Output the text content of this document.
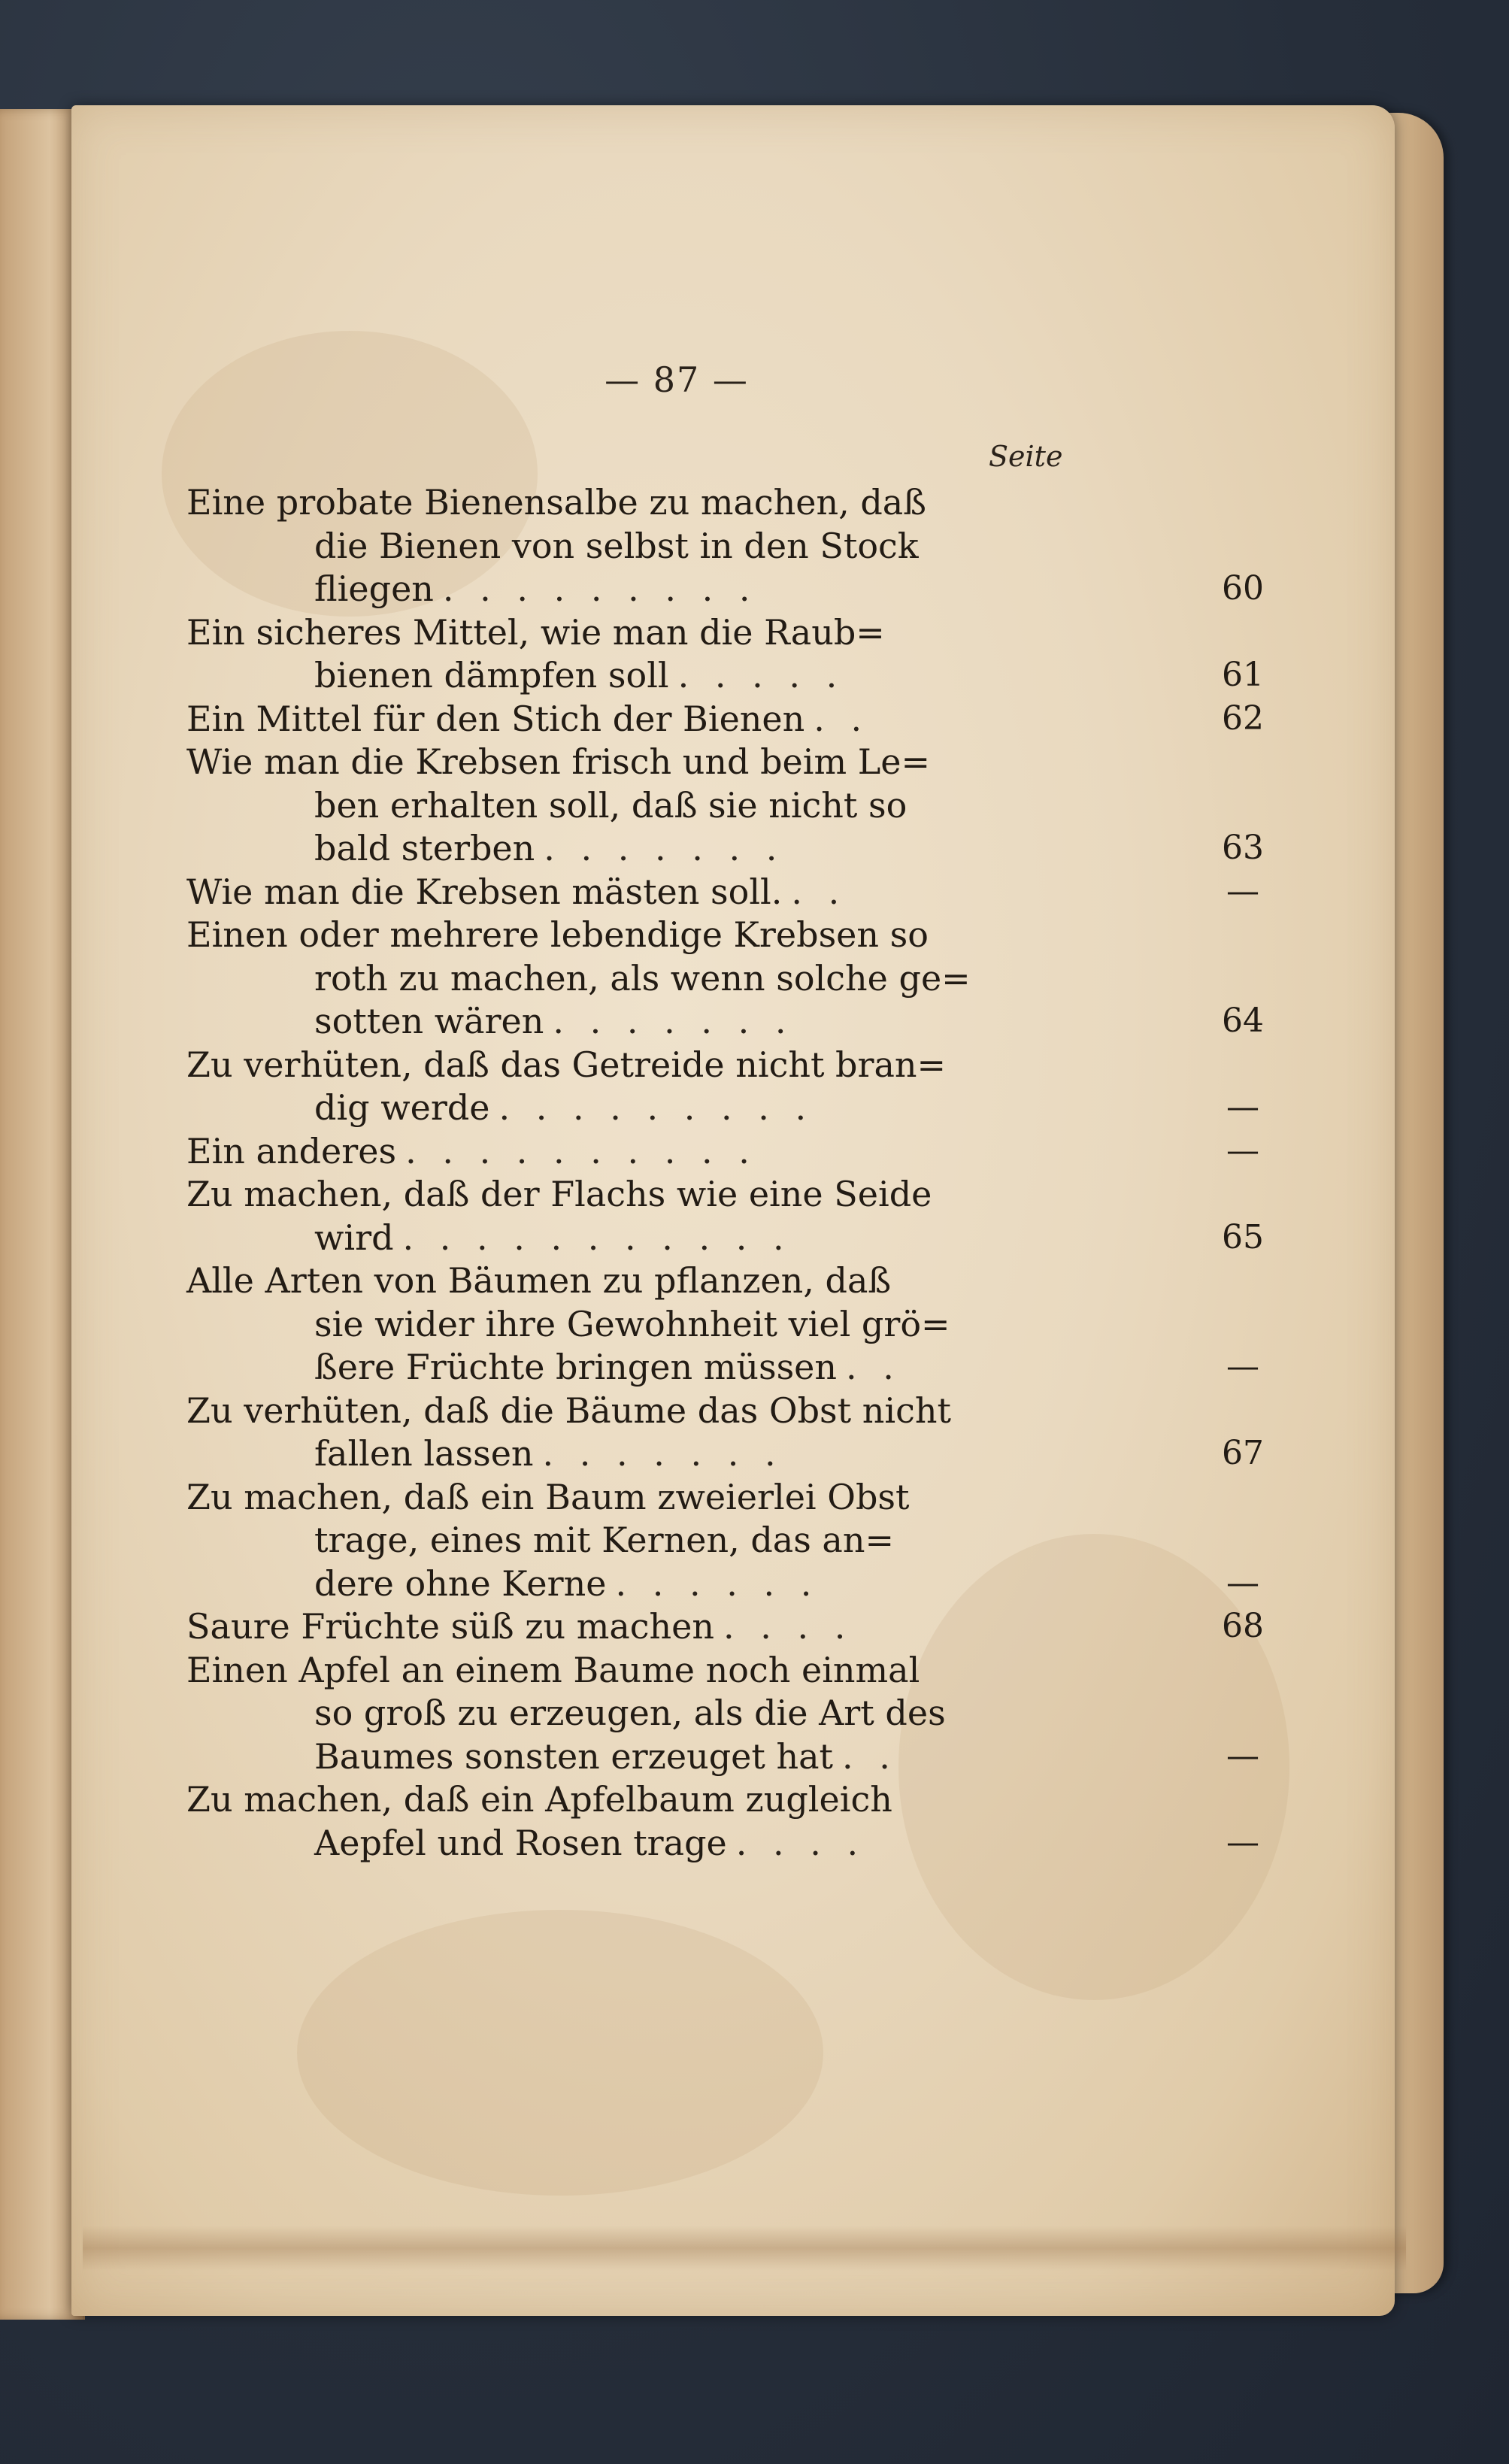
— 87 —
Seite
Eine probate Bienensalbe zu machen, daß
die Bienen von selbst in den Stock
60
fliegen . . . . . . . . .
Ein sicheres Mittel, wie man die Raub=
61
bienen dämpfen soll . . . . .
62
Ein Mittel für den Stich der Bienen . .
Wie man die Krebsen frisch und beim Le=
ben erhalten soll, daß sie nicht so
63
bald sterben . . . . . . .
—
Wie man die Krebsen mästen soll. . .
Einen oder mehrere lebendige Krebsen so
roth zu machen, als wenn solche ge=
64
sotten wären . . . . . . .
Zu verhüten, daß das Getreide nicht bran=
—
dig werde . . . . . . . . .
—
Ein anderes . . . . . . . . . .
Zu machen, daß der Flachs wie eine Seide
65
wird . . . . . . . . . . .
Alle Arten von Bäumen zu pflanzen, daß
sie wider ihre Gewohnheit viel grö=
—
ßere Früchte bringen müssen . .
Zu verhüten, daß die Bäume das Obst nicht
67
fallen lassen . . . . . . .
Zu machen, daß ein Baum zweierlei Obst
trage, eines mit Kernen, das an=
—
dere ohne Kerne . . . . . .
68
Saure Früchte süß zu machen . . . .
Einen Apfel an einem Baume noch einmal
so groß zu erzeugen, als die Art des
—
Baumes sonsten erzeuget hat . .
Zu machen, daß ein Apfelbaum zugleich
—
Aepfel und Rosen trage . . . .
